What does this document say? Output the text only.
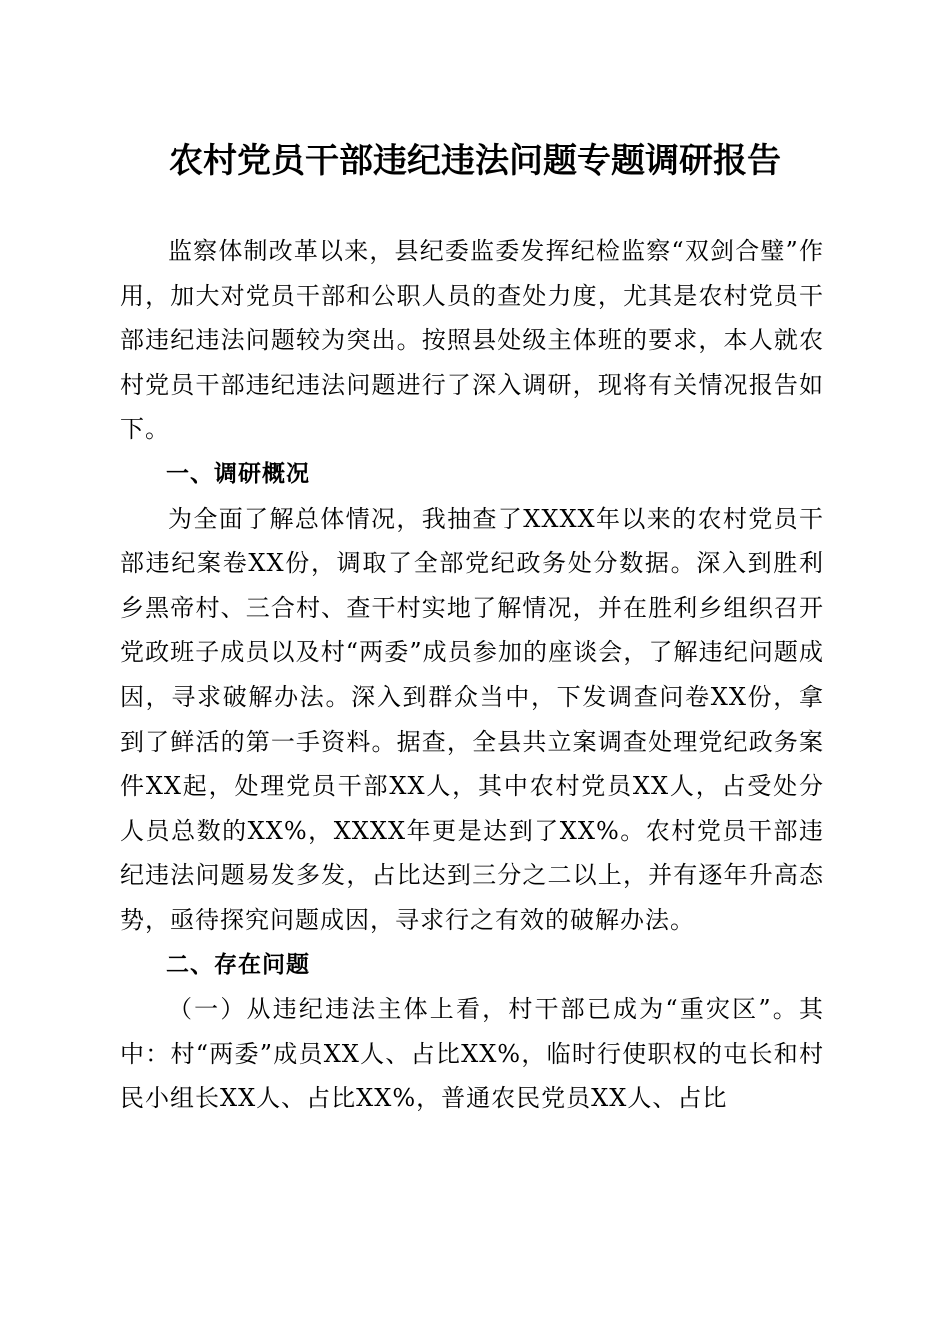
农村党员干部违纪违法问题专题调研报告

监察体制改革以来，县纪委监委发挥纪检监察“双剑合璧”作用，加大对党员干部和公职人员的查处力度，尤其是农村党员干部违纪违法问题较为突出。按照县处级主体班的要求，本人就农村党员干部违纪违法问题进行了深入调研，现将有关情况报告如下。

一、调研概况

为全面了解总体情况，我抽查了XXXX年以来的农村党员干部违纪案卷XX份，调取了全部党纪政务处分数据。深入到胜利乡黑帝村、三合村、查干村实地了解情况，并在胜利乡组织召开党政班子成员以及村“两委”成员参加的座谈会，了解违纪问题成因，寻求破解办法。深入到群众当中，下发调查问卷XX份，拿到了鲜活的第一手资料。据查，全县共立案调查处理党纪政务案件XX起，处理党员干部XX人，其中农村党员XX人，占受处分人员总数的XX%，XXXX年更是达到了XX%。农村党员干部违纪违法问题易发多发，占比达到三分之二以上，并有逐年升高态势，亟待探究问题成因，寻求行之有效的破解办法。

二、存在问题

（一）从违纪违法主体上看，村干部已成为“重灾区”。其中：村“两委”成员XX人、占比XX%，临时行使职权的屯长和村民小组长XX人、占比XX%，普通农民党员XX人、占比
